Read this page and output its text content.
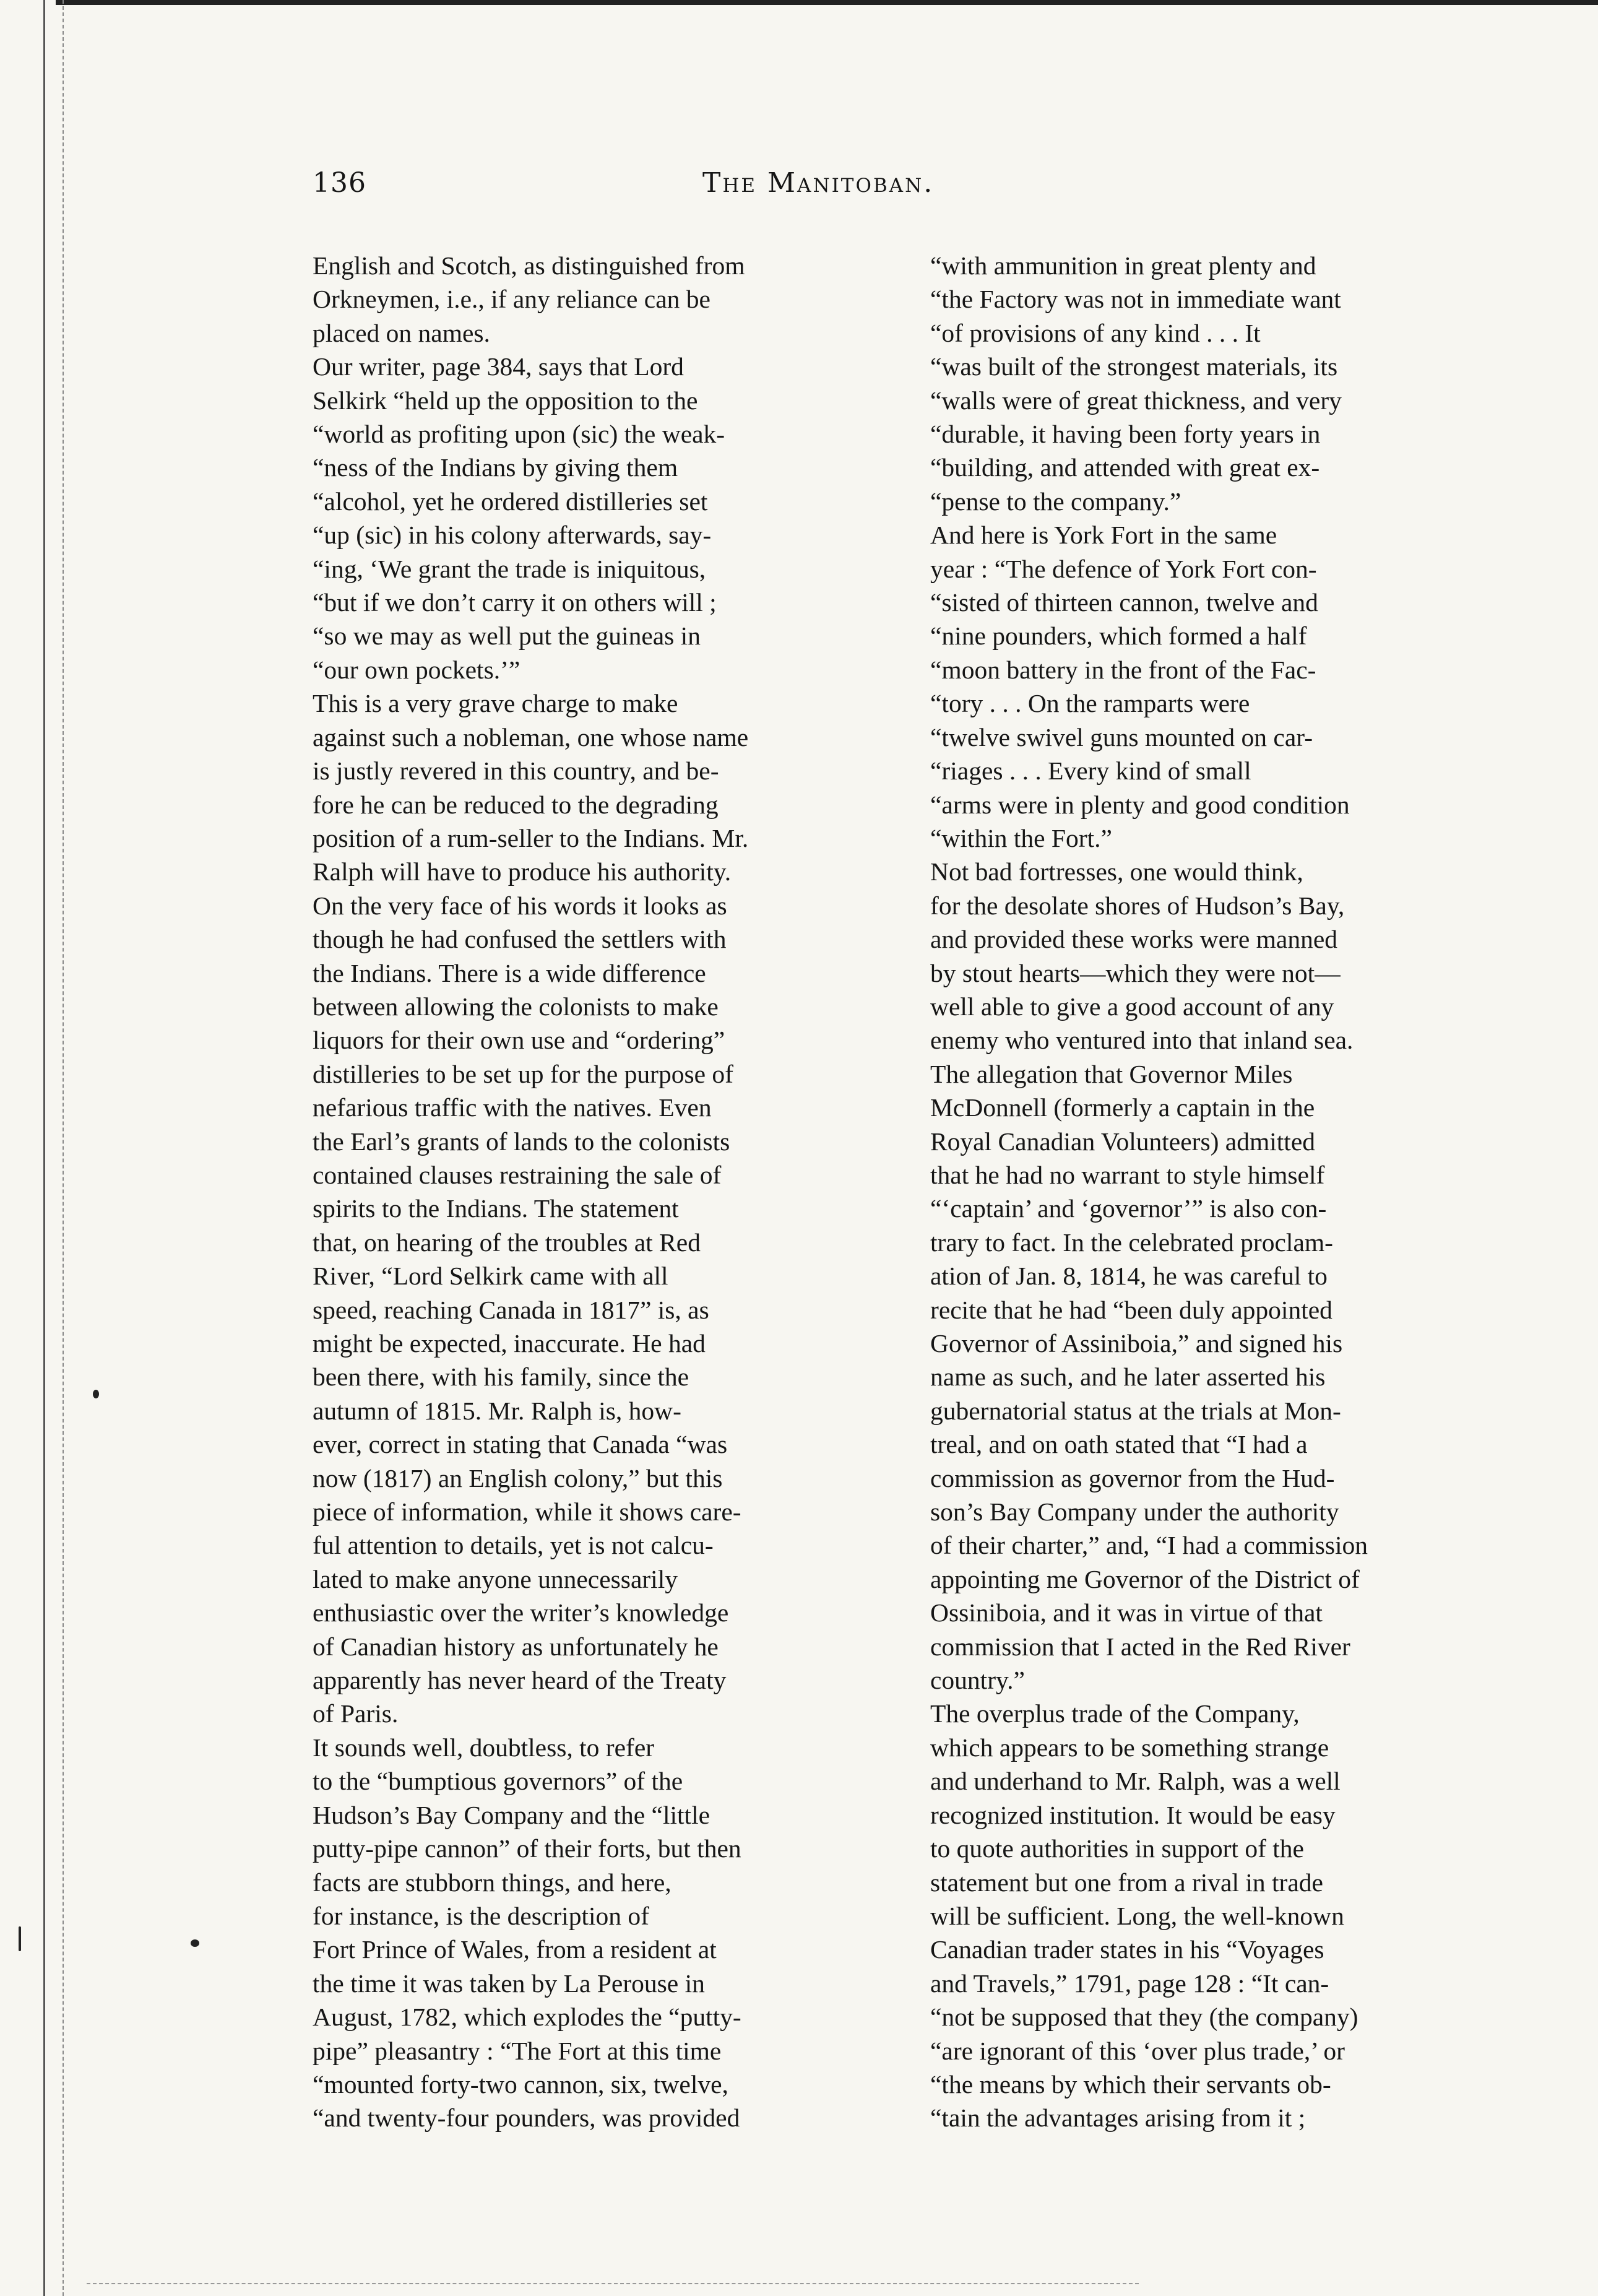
136	The Manitoban.

English and Scotch, as distinguished from
Orkneymen, i.e., if any reliance can be
placed on names.

Our writer, page 384, says that Lord
Selkirk “held up the opposition to the
“world as profiting upon (sic) the weak-
“ness of the Indians by giving them
“alcohol, yet he ordered distilleries set
“up (sic) in his colony afterwards, say-
“ing, ‘We grant the trade is iniquitous,
“but if we don’t carry it on others will ;
“so we may as well put the guineas in
“our own pockets.’”

This is a very grave charge to make
against such a nobleman, one whose name
is justly revered in this country, and be-
fore he can be reduced to the degrading
position of a rum-seller to the Indians. Mr.
Ralph will have to produce his authority.
On the very face of his words it looks as
though he had confused the settlers with
the Indians. There is a wide difference
between allowing the colonists to make
liquors for their own use and “ordering”
distilleries to be set up for the purpose of
nefarious traffic with the natives. Even
the Earl’s grants of lands to the colonists
contained clauses restraining the sale of
spirits to the Indians. The statement
that, on hearing of the troubles at Red
River, “Lord Selkirk came with all
speed, reaching Canada in 1817” is, as
might be expected, inaccurate. He had
been there, with his family, since the
autumn of 1815. Mr. Ralph is, how-
ever, correct in stating that Canada “was
now (1817) an English colony,” but this
piece of information, while it shows care-
ful attention to details, yet is not calcu-
lated to make anyone unnecessarily
enthusiastic over the writer’s knowledge
of Canadian history as unfortunately he
apparently has never heard of the Treaty
of Paris.

It sounds well, doubtless, to refer
to the “bumptious governors” of the
Hudson’s Bay Company and the “little
putty-pipe cannon” of their forts, but then
facts are stubborn things, and here,
for instance, is the description of
Fort Prince of Wales, from a resident at
the time it was taken by La Perouse in
August, 1782, which explodes the “putty-
pipe” pleasantry : “The Fort at this time
“mounted forty-two cannon, six, twelve,
“and twenty-four pounders, was provided

“with ammunition in great plenty and
“the Factory was not in immediate want
“of provisions of any kind . . . It
“was built of the strongest materials, its
“walls were of great thickness, and very
“durable, it having been forty years in
“building, and attended with great ex-
“pense to the company.”

And here is York Fort in the same
year : “The defence of York Fort con-
“sisted of thirteen cannon, twelve and
“nine pounders, which formed a half
“moon battery in the front of the Fac-
“tory . . . On the ramparts were
“twelve swivel guns mounted on car-
“riages . . . Every kind of small
“arms were in plenty and good condition
“within the Fort.”

Not bad fortresses, one would think,
for the desolate shores of Hudson’s Bay,
and provided these works were manned
by stout hearts—which they were not—
well able to give a good account of any
enemy who ventured into that inland sea.

The allegation that Governor Miles
McDonnell (formerly a captain in the
Royal Canadian Volunteers) admitted
that he had no warrant to style himself
“‘captain’ and ‘governor’” is also con-
trary to fact. In the celebrated proclam-
ation of Jan. 8, 1814, he was careful to
recite that he had “been duly appointed
Governor of Assiniboia,” and signed his
name as such, and he later asserted his
gubernatorial status at the trials at Mon-
treal, and on oath stated that “I had a
commission as governor from the Hud-
son’s Bay Company under the authority
of their charter,” and, “I had a commission
appointing me Governor of the District of
Ossiniboia, and it was in virtue of that
commission that I acted in the Red River
country.”

The overplus trade of the Company,
which appears to be something strange
and underhand to Mr. Ralph, was a well
recognized institution. It would be easy
to quote authorities in support of the
statement but one from a rival in trade
will be sufficient. Long, the well-known
Canadian trader states in his “Voyages
and Travels,” 1791, page 128 : “It can-
“not be supposed that they (the company)
“are ignorant of this ‘over plus trade,’ or
“the means by which their servants ob-
“tain the advantages arising from it ;
